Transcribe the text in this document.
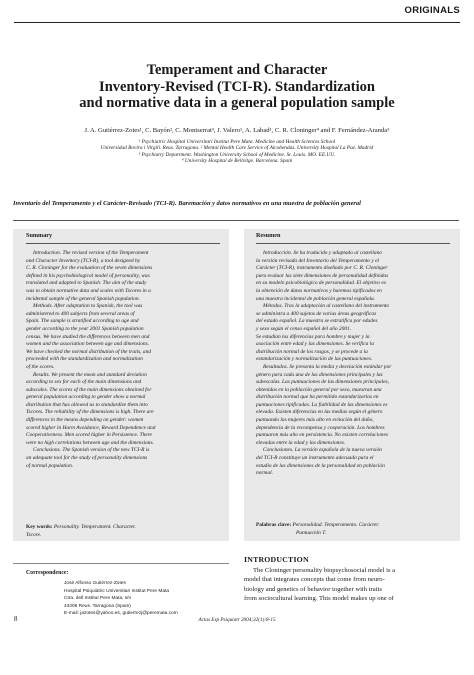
ORIGINALS
Temperament and Character
Inventory-Revised (TCI-R). Standardization
and normative data in a general population sample
J. A. Gutiérrez-Zotes¹, C. Bayón², C. Montserrat³, J. Valero¹, A. Labad¹, C. R. Cloninger⁴ and F. Fernández-Aranda⁵
¹ Psychiatric Hospital Universitari Institut Pere Mata. Medicine and Health Sciences School
Universidad Rovira i Virgili. Reus. Tarragona. ² Mental Health Care Service of Alcobendas. University Hospital La Paz. Madrid
³ Psychiatry Department. Washington University School of Medicine. St. Louis. MO. EE.UU.
⁴ University Hospital de Bellvitge. Barcelona. Spain
Inventario del Temperamento y el Carácter-Revisado (TCI-R). Baremación y datos normativos en una muestra de población general
Summary
Introduction. The revised version of the Temperament
and Character Inventory (TCI-R), a tool designed by
C. R. Cloninger for the evaluation of the seven dimensions
defined in his psychobiological model of personality, was
translated and adapted to Spanish. The aim of the study
was to obtain normative data and scales with Tscores in a
incidental sample of the general Spanish population.
Methods. After adaptation to Spanish, the tool was
administered to 400 subjects from several areas of
Spain. The sample is stratified according to age and
gender according to the year 2001 Spanish population
census. We have studied the differences between men and
women and the association between age and dimensions.
We have checked the normal distribution of the traits, and
proceeded with the standardization and normalization
of the scores.
Results. We present the mean and standard deviation
according to sex for each of the main dimensions and
subscales. The scores of the main dimensions obtained for
general population according to gender show a normal
distribution that has allowed us to standardize them into
Tscores. The reliability of the dimensions is high. There are
differences in the means depending on gender: women
scored higher in Harm Avoidance, Reward Dependence and
Cooperativeness. Men scored higher in Persistence. There
were no high correlations between age and the dimensions.
Conclusions. The Spanish version of the new TCI-R is
an adequate tool for the study of personality dimensions
of normal population.
Key words: Personality. Temperament. Character.
Tscore.
Resumen
Introducción. Se ha traducido y adaptado al castellano
la versión revisada del Inventario del Temperamento y el
Carácter (TCI-R), instrumento diseñado por C. R. Cloninger
para evaluar las siete dimensiones de personalidad definidas
en su modelo psicobiológico de personalidad. El objetivo es
la obtención de datos normativos y baremos tipificados en
una muestra incidental de población general española.
Métodos. Tras la adaptación al castellano del instrumento
se administra a 400 sujetos de varias áreas geográficas
del estado español. La muestra se estratifica por edades
y sexo según el censo español del año 2001.
Se estudian las diferencias para hombre y mujer y la
asociación entre edad y las dimensiones. Se verifica la
distribución normal de los rasgos, y se procede a la
estandarización y normalización de las puntuaciones.
Resultados. Se presenta la media y desviación estándar por
género para cada una de las dimensiones principales y las
subescalas. Las puntuaciones de las dimensiones principales,
obtenidas en la población general por sexo, muestran una
distribución normal que ha permitido estandarizarlas en
puntuaciones tipificadas. La fiabilidad de las dimensiones es
elevada. Existen diferencias en las medias según el género
puntuando las mujeres más alto en evitación del daño,
dependencia de la recompensa y cooperación. Los hombres
puntuaron más alto en persistencia. No existen correlaciones
elevadas entre la edad y las dimensiones.
Conclusiones. La versión española de la nueva versión
del TCI-R constituye un instrumento adecuado para el
estudio de las dimensiones de la personalidad en población
normal.
Palabras clave: Personalidad. Temperamento. Carácter.
Puntuación T.
Correspondence:
José Alfonso Gutiérrez-Zotes
Hospital Psiquiàtric Universitari Institut Pere Mata
Ctra. dell Institut Pere Mata, s/n
43206 Reus. Tarragona (Spain)
E-mail: jazotes@yahoo.es, gutierrezj@peremata.com
INTRODUCTION
The Cloninger personality biopsychosocial model is a
model that integrates concepts that come from neuro-
biology and genetics of behavior together with traits
from sociocultural learning. This model makes up one of
8	Actas Esp Psiquiatr 2004;32(1):8-15
